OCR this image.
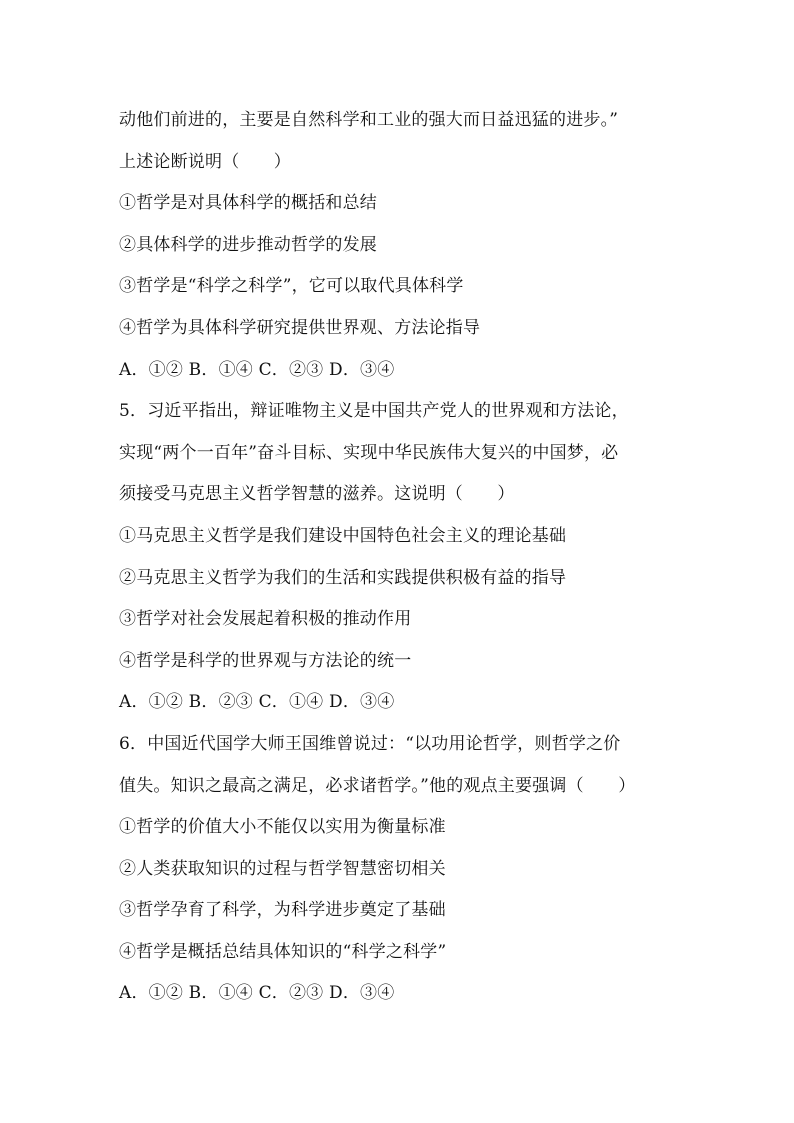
动他们前进的，主要是自然科学和工业的强大而日益迅猛的进步。”
上述论断说明（　　）
①哲学是对具体科学的概括和总结
②具体科学的进步推动哲学的发展
③哲学是“科学之科学”，它可以取代具体科学
④哲学为具体科学研究提供世界观、方法论指导
A．①② B．①④ C．②③ D．③④
5．习近平指出，辩证唯物主义是中国共产党人的世界观和方法论，
实现“两个一百年”奋斗目标、实现中华民族伟大复兴的中国梦，必
须接受马克思主义哲学智慧的滋养。这说明（　　）
①马克思主义哲学是我们建设中国特色社会主义的理论基础
②马克思主义哲学为我们的生活和实践提供积极有益的指导
③哲学对社会发展起着积极的推动作用
④哲学是科学的世界观与方法论的统一
A．①② B．②③ C．①④ D．③④
6．中国近代国学大师王国维曾说过：“以功用论哲学，则哲学之价
值失。知识之最高之满足，必求诸哲学。”他的观点主要强调（　　）
①哲学的价值大小不能仅以实用为衡量标准
②人类获取知识的过程与哲学智慧密切相关
③哲学孕育了科学，为科学进步奠定了基础
④哲学是概括总结具体知识的“科学之科学”
A．①② B．①④ C．②③ D．③④
